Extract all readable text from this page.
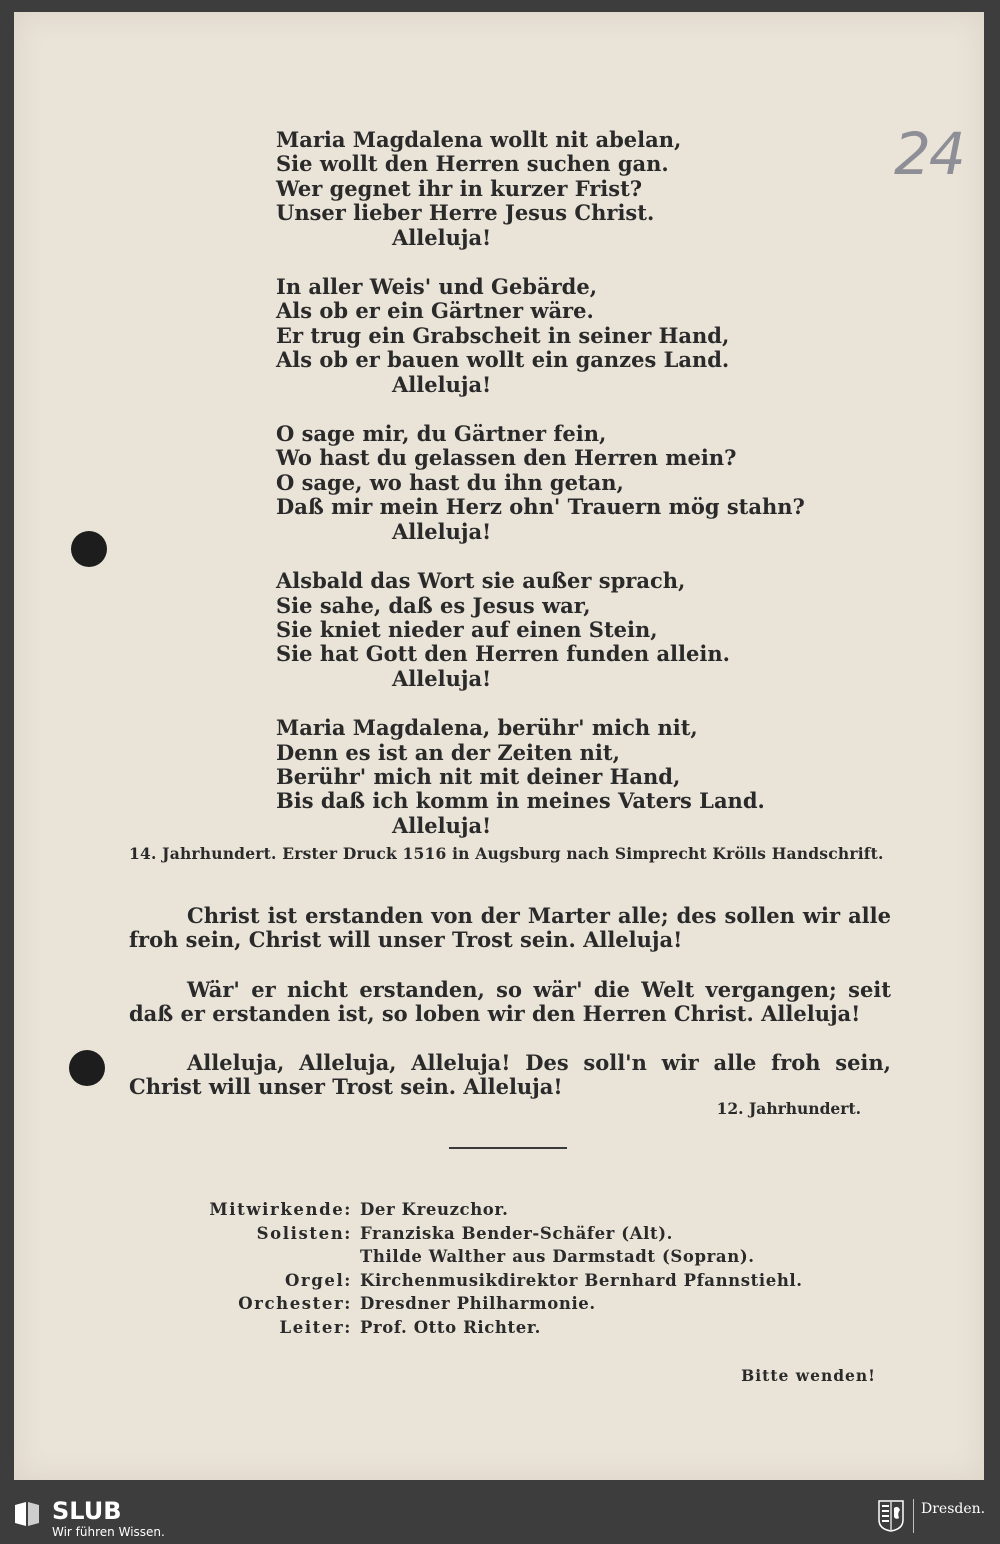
24
Maria Magdalena wollt nit abelan,
Sie wollt den Herren suchen gan.
Wer gegnet ihr in kurzer Frist?
Unser lieber Herre Jesus Christ.
Alleluja!
In aller Weis' und Gebärde,
Als ob er ein Gärtner wäre.
Er trug ein Grabscheit in seiner Hand,
Als ob er bauen wollt ein ganzes Land.
Alleluja!
O sage mir, du Gärtner fein,
Wo hast du gelassen den Herren mein?
O sage, wo hast du ihn getan,
Daß mir mein Herz ohn' Trauern mög stahn?
Alleluja!
Alsbald das Wort sie außer sprach,
Sie sahe, daß es Jesus war,
Sie kniet nieder auf einen Stein,
Sie hat Gott den Herren funden allein.
Alleluja!
Maria Magdalena, berühr' mich nit,
Denn es ist an der Zeiten nit,
Berühr' mich nit mit deiner Hand,
Bis daß ich komm in meines Vaters Land.
Alleluja!
14. Jahrhundert. Erster Druck 1516 in Augsburg nach Simprecht Krölls Handschrift.
Christ ist erstanden von der Marter alle; des sollen wir alle froh sein, Christ will unser Trost sein. Alleluja!
Wär' er nicht erstanden, so wär' die Welt vergangen; seit daß er erstanden ist, so loben wir den Herren Christ. Alleluja!
Alleluja, Alleluja, Alleluja! Des soll'n wir alle froh sein, Christ will unser Trost sein. Alleluja!
12. Jahrhundert.
Mitwirkende: Der Kreuzchor.
Solisten: Franziska Bender-Schäfer (Alt).
Thilde Walther aus Darmstadt (Sopran).
Orgel: Kirchenmusikdirektor Bernhard Pfannstiehl.
Orchester: Dresdner Philharmonie.
Leiter: Prof. Otto Richter.
Bitte wenden!
SLUB
Wir führen Wissen.
Dresden.
